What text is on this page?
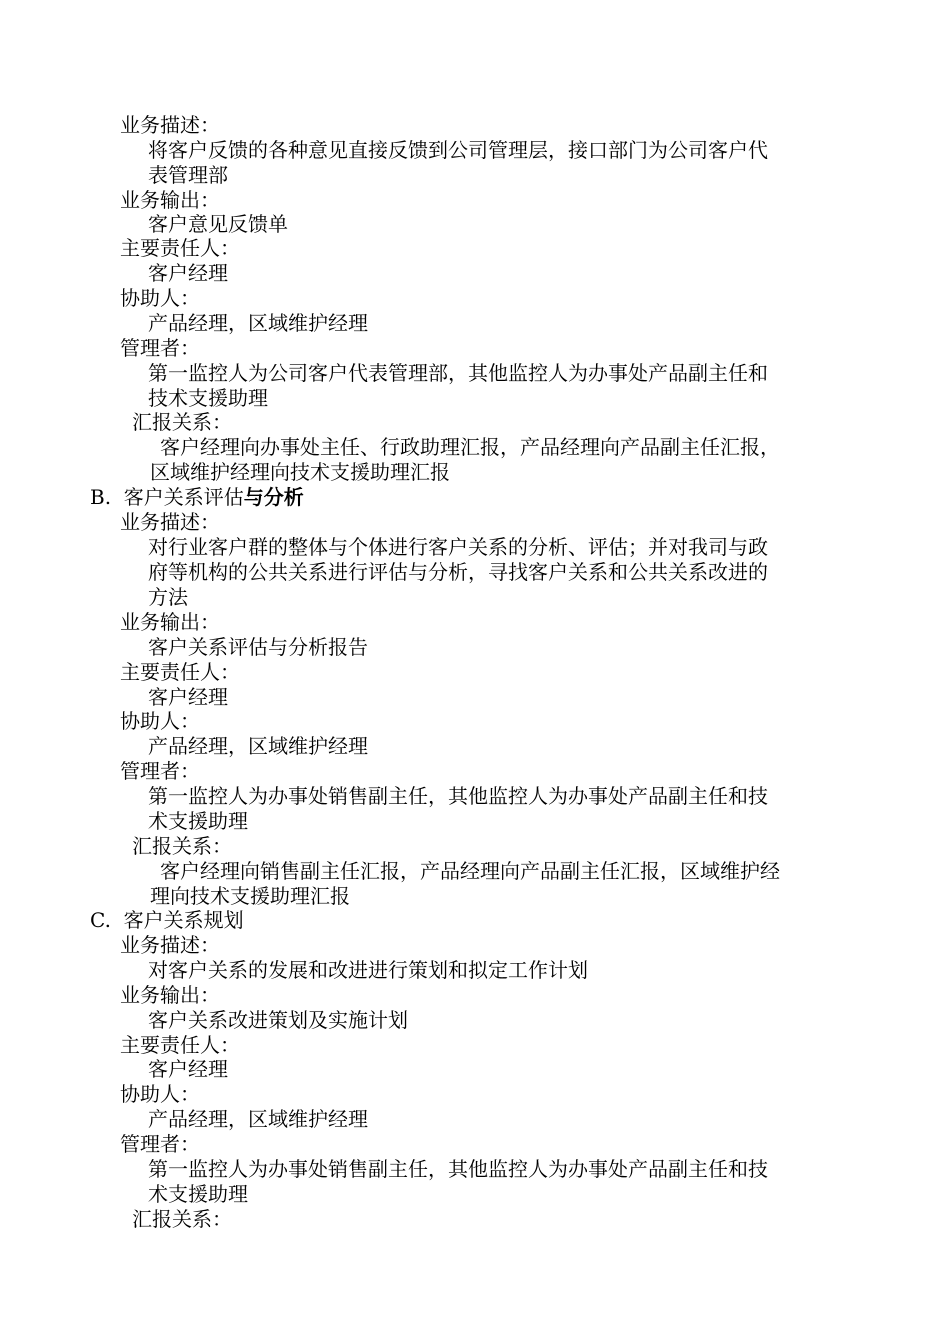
业务描述：
将客户反馈的各种意见直接反馈到公司管理层，接口部门为公司客户代
表管理部
业务输出：
客户意见反馈单
主要责任人：
客户经理
协助人：
产品经理，区域维护经理
管理者：
第一监控人为公司客户代表管理部，其他监控人为办事处产品副主任和
技术支援助理
汇报关系：
客户经理向办事处主任、行政助理汇报，产品经理向产品副主任汇报，
区域维护经理向技术支援助理汇报
B. 客户关系评估与分析
业务描述：
对行业客户群的整体与个体进行客户关系的分析、评估；并对我司与政
府等机构的公共关系进行评估与分析，寻找客户关系和公共关系改进的
方法
业务输出：
客户关系评估与分析报告
主要责任人：
客户经理
协助人：
产品经理，区域维护经理
管理者：
第一监控人为办事处销售副主任，其他监控人为办事处产品副主任和技
术支援助理
汇报关系：
客户经理向销售副主任汇报，产品经理向产品副主任汇报，区域维护经
理向技术支援助理汇报
C. 客户关系规划
业务描述：
对客户关系的发展和改进进行策划和拟定工作计划
业务输出：
客户关系改进策划及实施计划
主要责任人：
客户经理
协助人：
产品经理，区域维护经理
管理者：
第一监控人为办事处销售副主任，其他监控人为办事处产品副主任和技
术支援助理
汇报关系：
